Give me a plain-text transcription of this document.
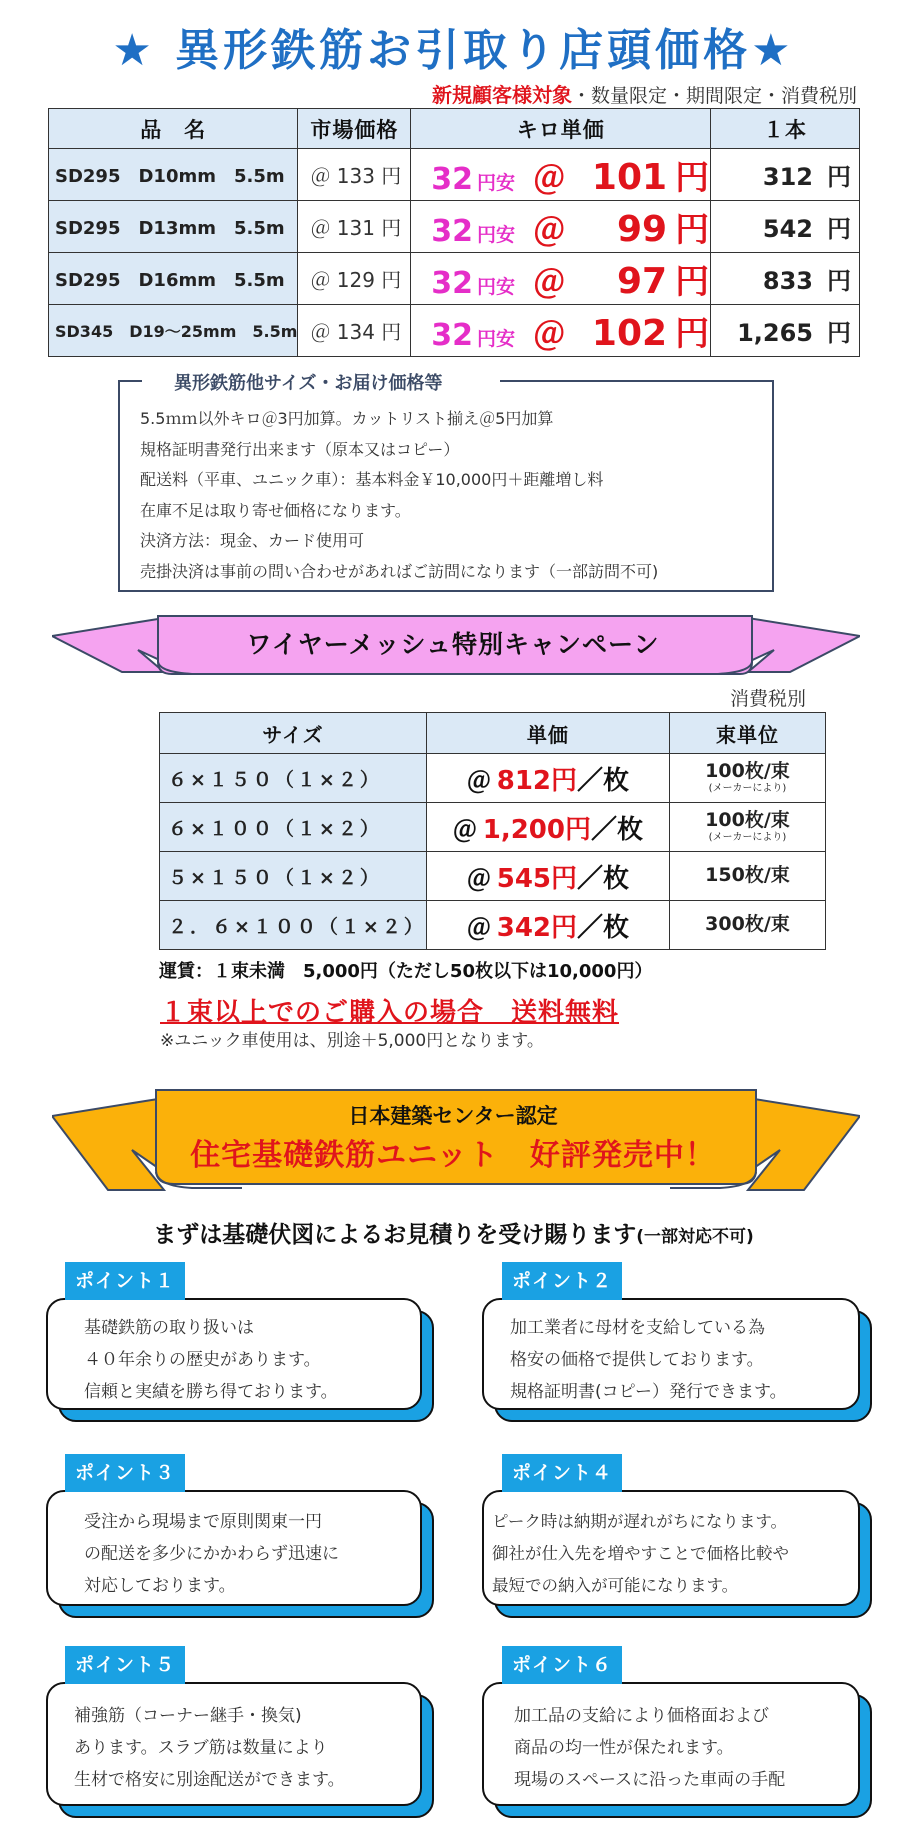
★ 異形鉄筋お引取り店頭価格★
新規顧客様対象・数量限定・期間限定・消費税別
品　名	市場価格	キロ単価	１本
SD295　D10mm　5.5m	＠ 133 円	32 円安 ＠ 101 円	312 円
SD295　D13mm　5.5m	＠ 131 円	32 円安 ＠ 99 円	542 円
SD295　D16mm　5.5m	＠ 129 円	32 円安 ＠ 97 円	833 円
SD345　D19～25mm　5.5m	＠ 134 円	32 円安 ＠ 102 円	1,265 円
異形鉄筋他サイズ・お届け価格等
5.5ｍｍ以外キロ＠3円加算。カットリスト揃え＠5円加算
規格証明書発行出来ます（原本又はコピー）
配送料（平車、ユニック車）：基本料金￥10,000円＋距離増し料
在庫不足は取り寄せ価格になります。
決済方法：現金、カード使用可
売掛決済は事前の問い合わせがあればご訪問になります（一部訪問不可)
ワイヤーメッシュ特別キャンペーン
消費税別
サイズ	単価	束単位
６×１５０（１×２）	＠ 812円／枚	100枚/束
(メーカーにより)

６×１００（１×２）	＠ 1,200円／枚	100枚/束
(メーカーにより)

５×１５０（１×２）	＠ 545円／枚	150枚/束
２．６×１００（１×２）	＠ 342円／枚	300枚/束
運賃：１束未満　5,000円（ただし50枚以下は10,000円）
１束以上でのご購入の場合　送料無料
※ユニック車使用は、別途＋5,000円となります。
日本建築センター認定
住宅基礎鉄筋ユニット　好評発売中！
まずは基礎伏図によるお見積りを受け賜ります(一部対応不可)
ポイント１
基礎鉄筋の取り扱いは
４０年余りの歴史があります。
信頼と実績を勝ち得ております。
ポイント２
加工業者に母材を支給している為
格安の価格で提供しております。
規格証明書(コピー）発行できます。
ポイント３
受注から現場まで原則関東一円
の配送を多少にかかわらず迅速に
対応しております。
ポイント４
ピーク時は納期が遅れがちになります。
御社が仕入先を増やすことで価格比較や
最短での納入が可能になります。
ポイント５
補強筋（コーナー継手・換気)
あります。スラブ筋は数量により
生材で格安に別途配送ができます。
ポイント６
加工品の支給により価格面および
商品の均一性が保たれます。
現場のスペースに沿った車両の手配
